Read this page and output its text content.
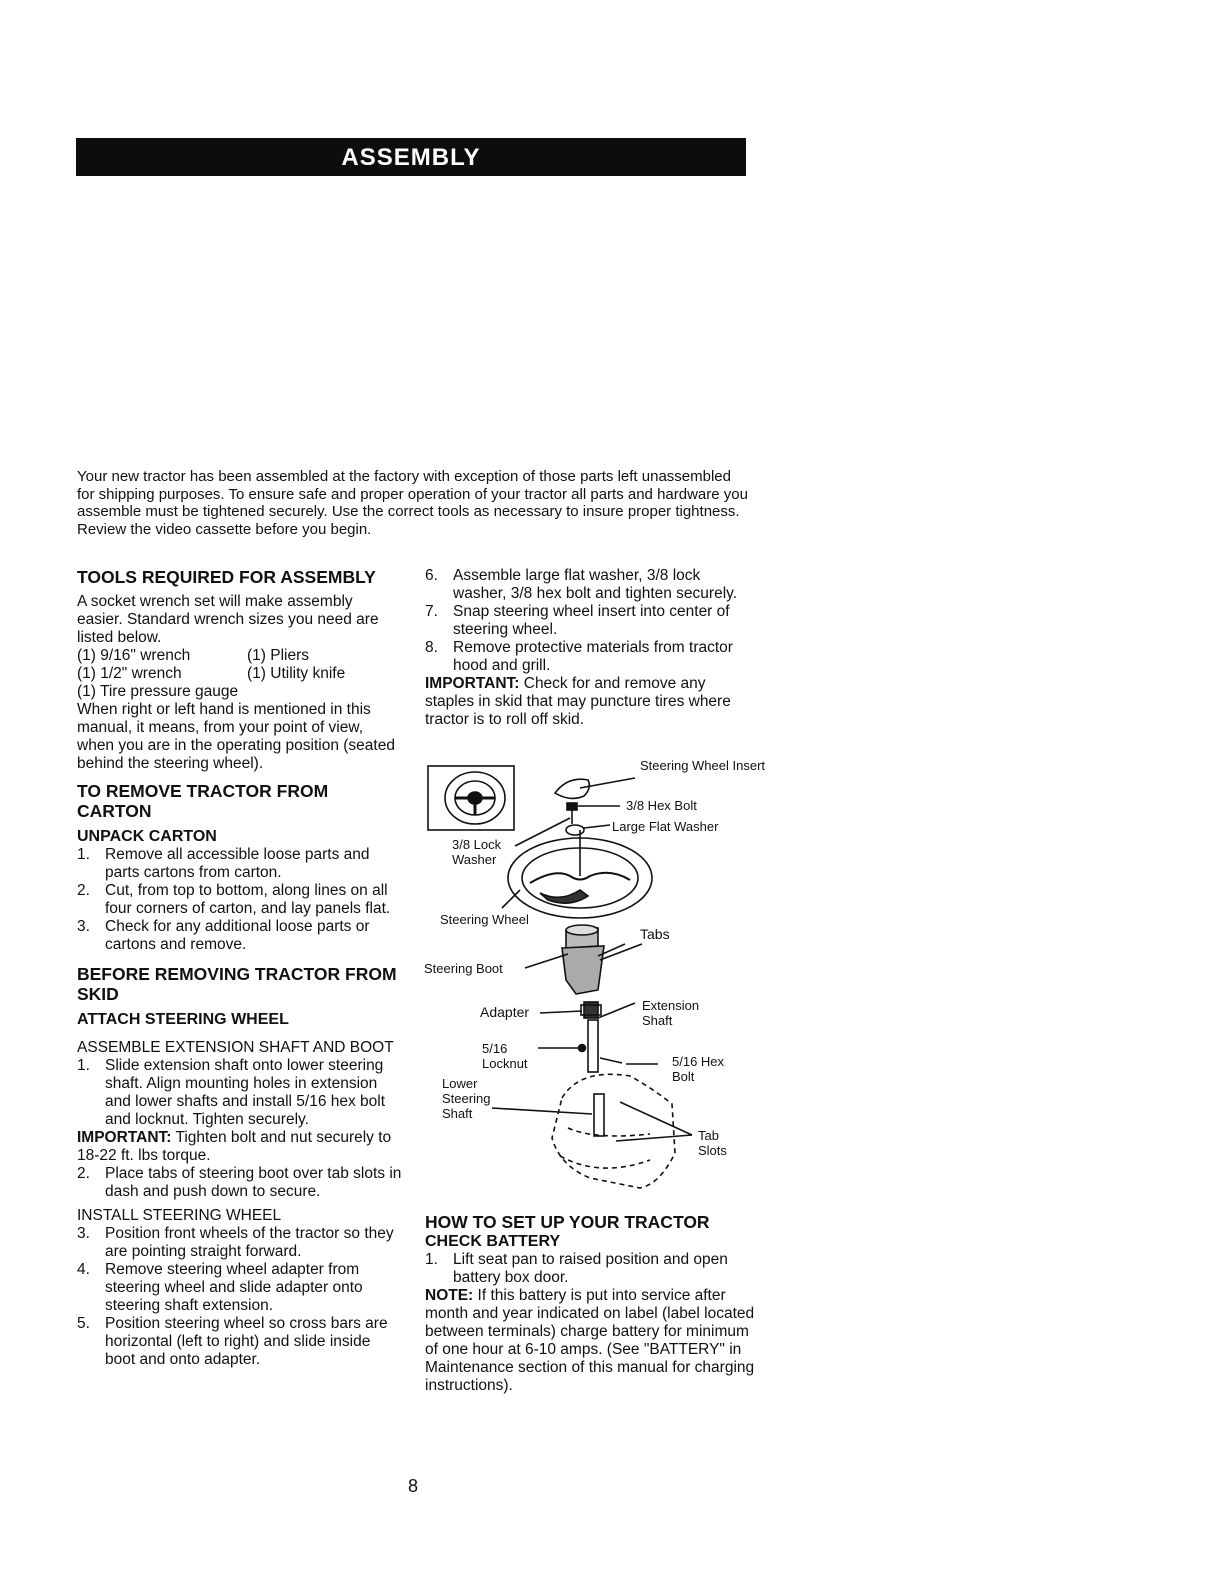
ASSEMBLY

Your new tractor has been assembled at the factory with exception of those parts left unassembled for shipping purposes. To ensure safe and proper operation of your tractor all parts and hardware you assemble must be tightened securely. Use the correct tools as necessary to insure proper tightness. Review the video cassette before you begin.

TOOLS REQUIRED FOR ASSEMBLY

A socket wrench set will make assembly easier. Standard wrench sizes you need are listed below.

(1) 9/16" wrench	(1) Pliers
(1) 1/2" wrench	(1) Utility knife
(1) Tire pressure gauge

When right or left hand is mentioned in this manual, it means, from your point of view, when you are in the operating position (seated behind the steering wheel).

TO REMOVE TRACTOR FROM CARTON
UNPACK CARTON
1. Remove all accessible loose parts and parts cartons from carton.
2. Cut, from top to bottom, along lines on all four corners of carton, and lay panels flat.
3. Check for any additional loose parts or cartons and remove.
BEFORE REMOVING TRACTOR FROM SKID
ATTACH STEERING WHEEL

ASSEMBLE EXTENSION SHAFT AND BOOT

1. Slide extension shaft onto lower steering shaft. Align mounting holes in extension and lower shafts and install 5/16 hex bolt and locknut. Tighten securely.

IMPORTANT: Tighten bolt and nut securely to 18-22 ft. lbs torque.

2. Place tabs of steering boot over tab slots in dash and push down to secure.

INSTALL STEERING WHEEL

3. Position front wheels of the tractor so they are pointing straight forward.
4. Remove steering wheel adapter from steering wheel and slide adapter onto steering shaft extension.
5. Position steering wheel so cross bars are horizontal (left to right) and slide inside boot and onto adapter.
6. Assemble large flat washer, 3/8 lock washer, 3/8 hex bolt and tighten securely.
7. Snap steering wheel insert into center of steering wheel.
8. Remove protective materials from tractor hood and grill.

IMPORTANT: Check for and remove any staples in skid that may puncture tires where tractor is to roll off skid.

Steering Wheel Insert
3/8 Hex Bolt
Large Flat Washer
3/8 Lock Washer
Steering Wheel
Tabs
Steering Boot
Adapter	Extension Shaft
5/16 Locknut	5/16 Hex Bolt
Lower Steering Shaft
Tab Slots
HOW TO SET UP YOUR TRACTOR
CHECK BATTERY
1. Lift seat pan to raised position and open battery box door.

NOTE: If this battery is put into service after month and year indicated on label (label located between terminals) charge battery for minimum of one hour at 6-10 amps. (See "BATTERY" in Maintenance section of this manual for charging instructions).

8
